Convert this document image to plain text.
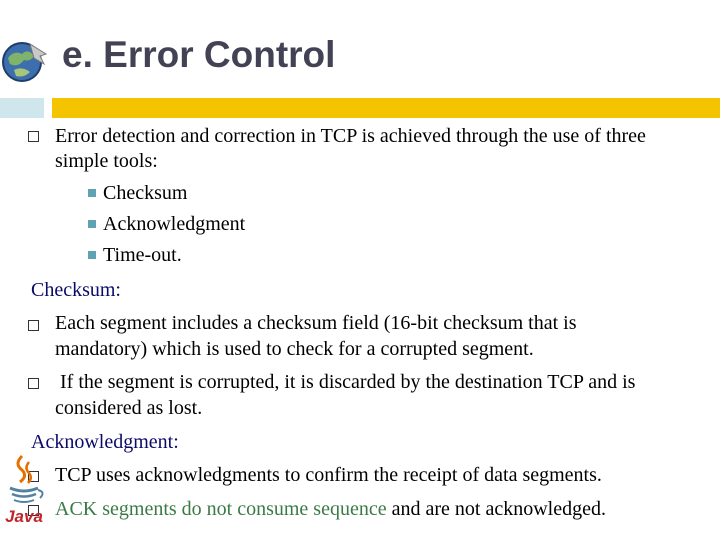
e. Error Control
Error detection and correction in TCP is achieved through the use of three
simple tools:
Checksum
Acknowledgment
Time-out.
Checksum:
Each segment includes a checksum field (16-bit checksum that is
mandatory) which is used to check for a corrupted segment.
If the segment is corrupted, it is discarded by the destination TCP and is
considered as lost.
Acknowledgment:
TCP uses acknowledgments to confirm the receipt of data segments.
ACK segments do not consume sequence and are not acknowledged.
Java
